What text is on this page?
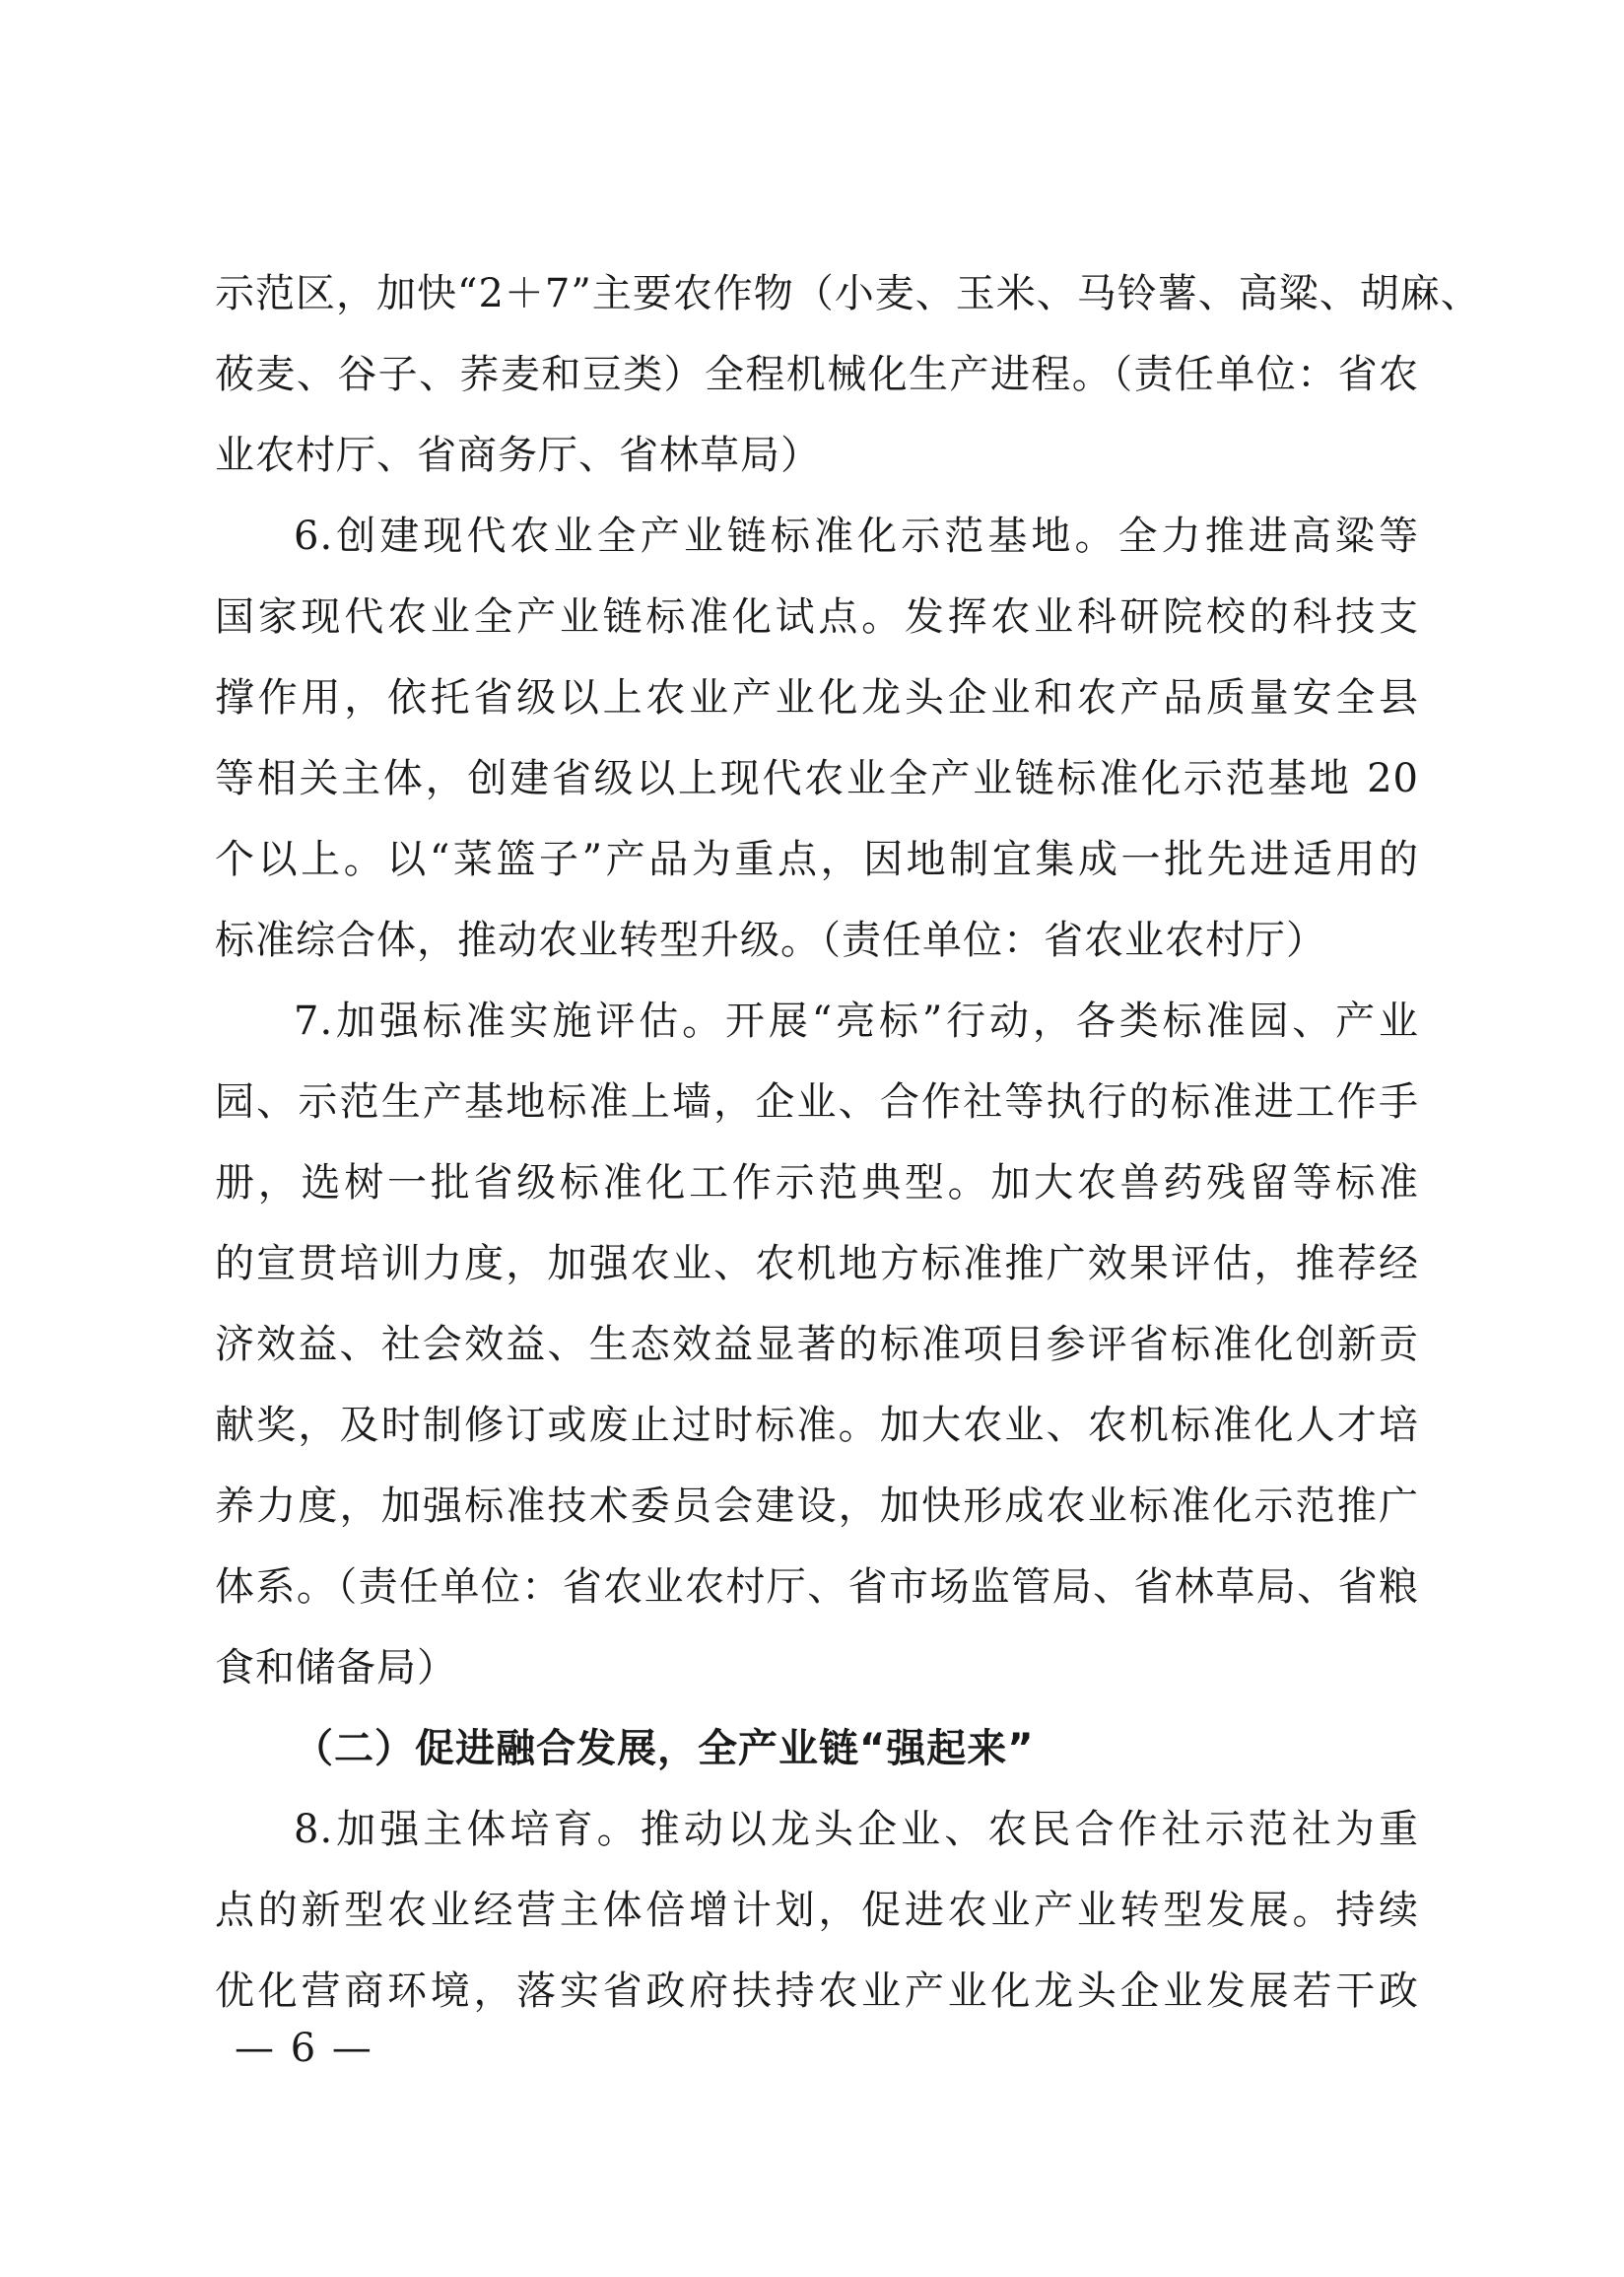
示范区，加快“2＋7”主要农作物（小麦、玉米、马铃薯、高粱、胡麻、
莜麦、谷子、荞麦和豆类）全程机械化生产进程。（责任单位：省农
业农村厅、省商务厅、省林草局）
6.创建现代农业全产业链标准化示范基地。全力推进高粱等
国家现代农业全产业链标准化试点。发挥农业科研院校的科技支
撑作用，依托省级以上农业产业化龙头企业和农产品质量安全县
等相关主体，创建省级以上现代农业全产业链标准化示范基地 20
个以上。以“菜篮子”产品为重点，因地制宜集成一批先进适用的
标准综合体，推动农业转型升级。（责任单位：省农业农村厅）
7.加强标准实施评估。开展“亮标”行动，各类标准园、产业
园、示范生产基地标准上墙，企业、合作社等执行的标准进工作手
册，选树一批省级标准化工作示范典型。加大农兽药残留等标准
的宣贯培训力度，加强农业、农机地方标准推广效果评估，推荐经
济效益、社会效益、生态效益显著的标准项目参评省标准化创新贡
献奖，及时制修订或废止过时标准。加大农业、农机标准化人才培
养力度，加强标准技术委员会建设，加快形成农业标准化示范推广
体系。（责任单位：省农业农村厅、省市场监管局、省林草局、省粮
食和储备局）
（二）促进融合发展，全产业链“强起来”
8.加强主体培育。推动以龙头企业、农民合作社示范社为重
点的新型农业经营主体倍增计划，促进农业产业转型发展。持续
优化营商环境，落实省政府扶持农业产业化龙头企业发展若干政
— 6 —
